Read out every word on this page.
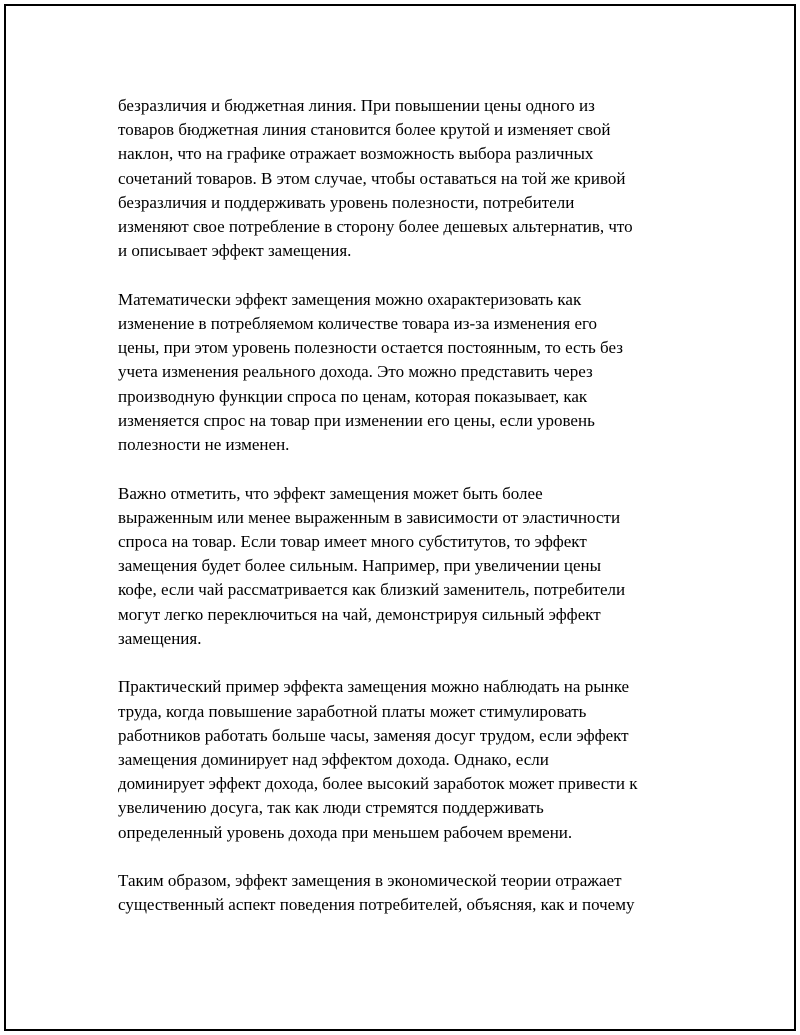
безразличия и бюджетная линия. При повышении цены одного из
товаров бюджетная линия становится более крутой и изменяет свой
наклон, что на графике отражает возможность выбора различных
сочетаний товаров. В этом случае, чтобы оставаться на той же кривой
безразличия и поддерживать уровень полезности, потребители
изменяют свое потребление в сторону более дешевых альтернатив, что
и описывает эффект замещения.
Математически эффект замещения можно охарактеризовать как
изменение в потребляемом количестве товара из-за изменения его
цены, при этом уровень полезности остается постоянным, то есть без
учета изменения реального дохода. Это можно представить через
производную функции спроса по ценам, которая показывает, как
изменяется спрос на товар при изменении его цены, если уровень
полезности не изменен.
Важно отметить, что эффект замещения может быть более
выраженным или менее выраженным в зависимости от эластичности
спроса на товар. Если товар имеет много субститутов, то эффект
замещения будет более сильным. Например, при увеличении цены
кофе, если чай рассматривается как близкий заменитель, потребители
могут легко переключиться на чай, демонстрируя сильный эффект
замещения.
Практический пример эффекта замещения можно наблюдать на рынке
труда, когда повышение заработной платы может стимулировать
работников работать больше часы, заменяя досуг трудом, если эффект
замещения доминирует над эффектом дохода. Однако, если
доминирует эффект дохода, более высокий заработок может привести к
увеличению досуга, так как люди стремятся поддерживать
определенный уровень дохода при меньшем рабочем времени.
Таким образом, эффект замещения в экономической теории отражает
существенный аспект поведения потребителей, объясняя, как и почему
